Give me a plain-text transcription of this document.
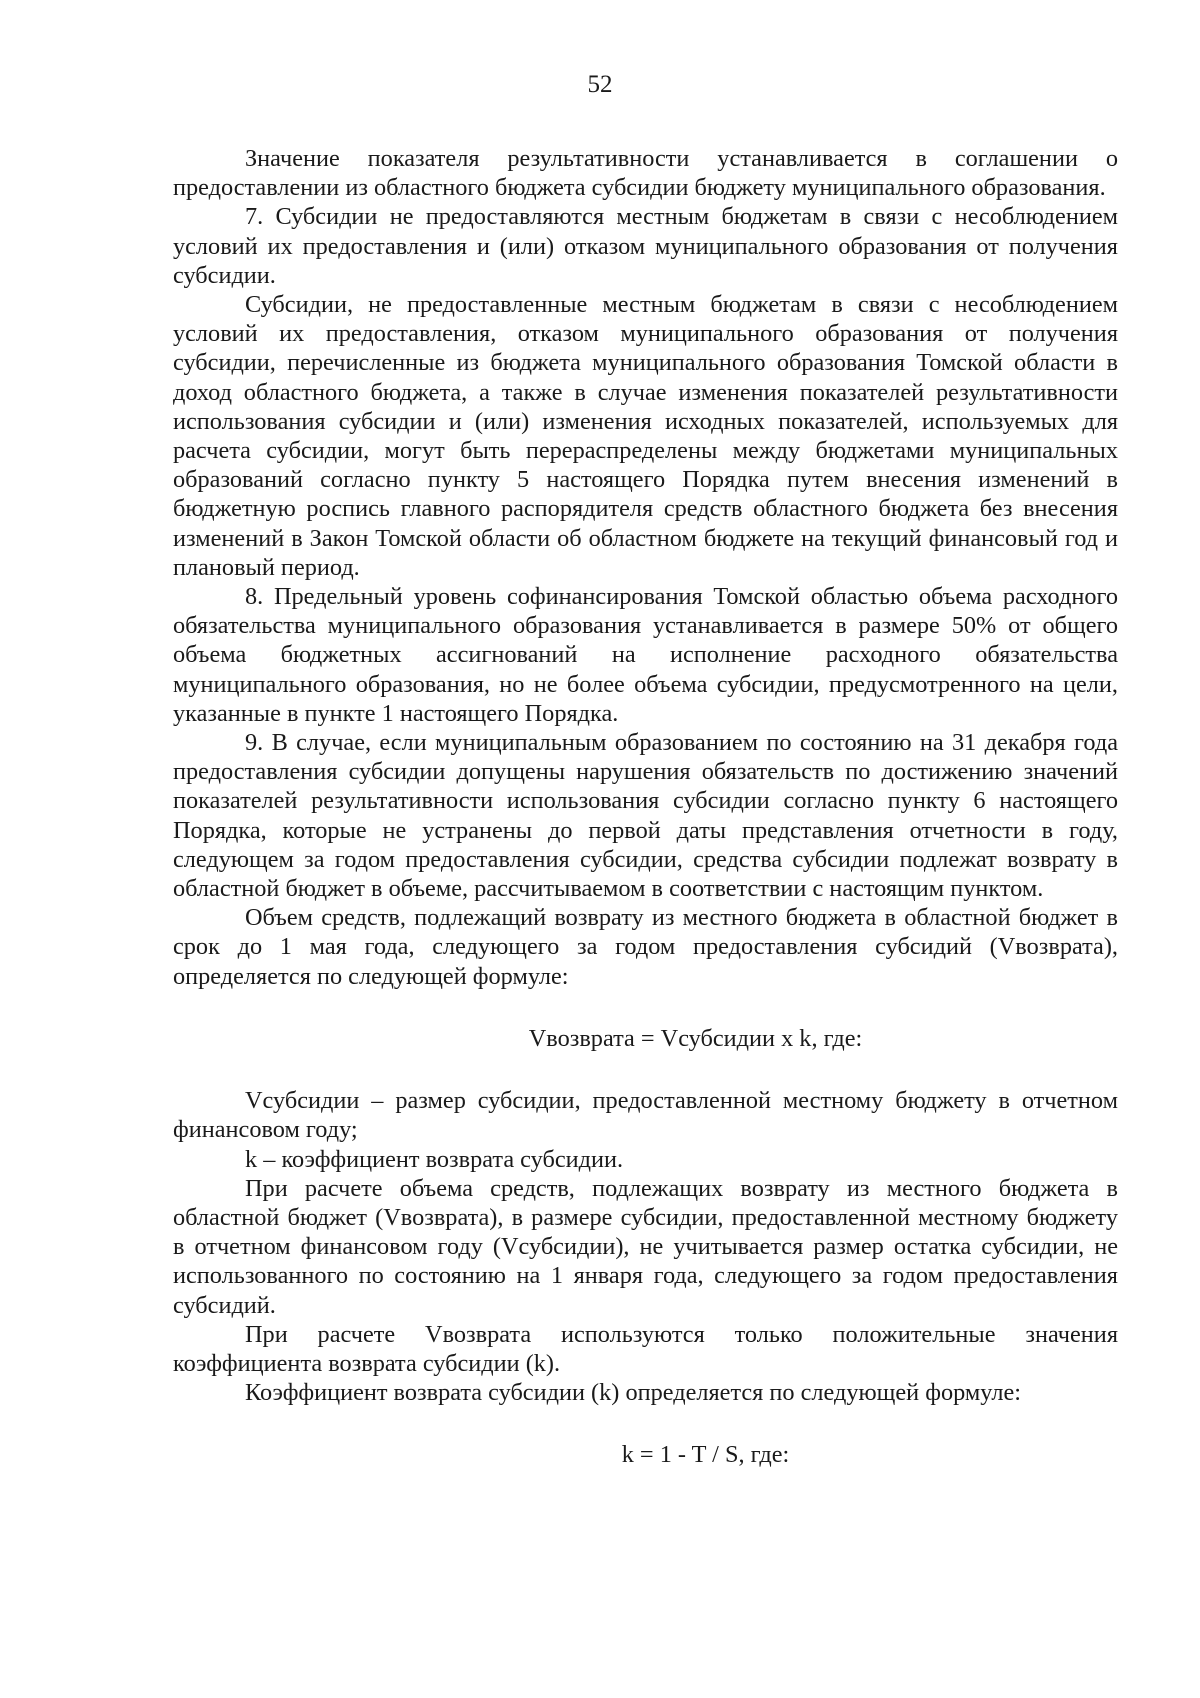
52

Значение показателя результативности устанавливается в соглашении о предоставлении из областного бюджета субсидии бюджету муниципального образования.

7. Субсидии не предоставляются местным бюджетам в связи с несоблюдением условий их предоставления и (или) отказом муниципального образования от получения субсидии.

Субсидии, не предоставленные местным бюджетам в связи с несоблюдением условий их предоставления, отказом муниципального образования от получения субсидии, перечисленные из бюджета муниципального образования Томской области в доход областного бюджета, а также в случае изменения показателей результативности использования субсидии и (или) изменения исходных показателей, используемых для расчета субсидии, могут быть перераспределены между бюджетами муниципальных образований согласно пункту 5 настоящего Порядка путем внесения изменений в бюджетную роспись главного распорядителя средств областного бюджета без внесения изменений в Закон Томской области об областном бюджете на текущий финансовый год и плановый период.

8. Предельный уровень софинансирования Томской областью объема расходного обязательства муниципального образования устанавливается в размере 50% от общего объема бюджетных ассигнований на исполнение расходного обязательства муниципального образования, но не более объема субсидии, предусмотренного на цели, указанные в пункте 1 настоящего Порядка.

9. В случае, если муниципальным образованием по состоянию на 31 декабря года предоставления субсидии допущены нарушения обязательств по достижению значений показателей результативности использования субсидии согласно пункту 6 настоящего Порядка, которые не устранены до первой даты представления отчетности в году, следующем за годом предоставления субсидии, средства субсидии подлежат возврату в областной бюджет в объеме, рассчитываемом в соответствии с настоящим пунктом.

Объем средств, подлежащий возврату из местного бюджета в областной бюджет в срок до 1 мая года, следующего за годом предоставления субсидий (Vвозврата), определяется по следующей формуле:

Vвозврата = Vсубсидии x k, где:

Vсубсидии – размер субсидии, предоставленной местному бюджету в отчетном финансовом году;

k – коэффициент возврата субсидии.

При расчете объема средств, подлежащих возврату из местного бюджета в областной бюджет (Vвозврата), в размере субсидии, предоставленной местному бюджету в отчетном финансовом году (Vсубсидии), не учитывается размер остатка субсидии, не использованного по состоянию на 1 января года, следующего за годом предоставления субсидий.

При расчете Vвозврата используются только положительные значения коэффициента возврата субсидии (k).

Коэффициент возврата субсидии (k) определяется по следующей формуле:

k = 1 - T / S, где:
